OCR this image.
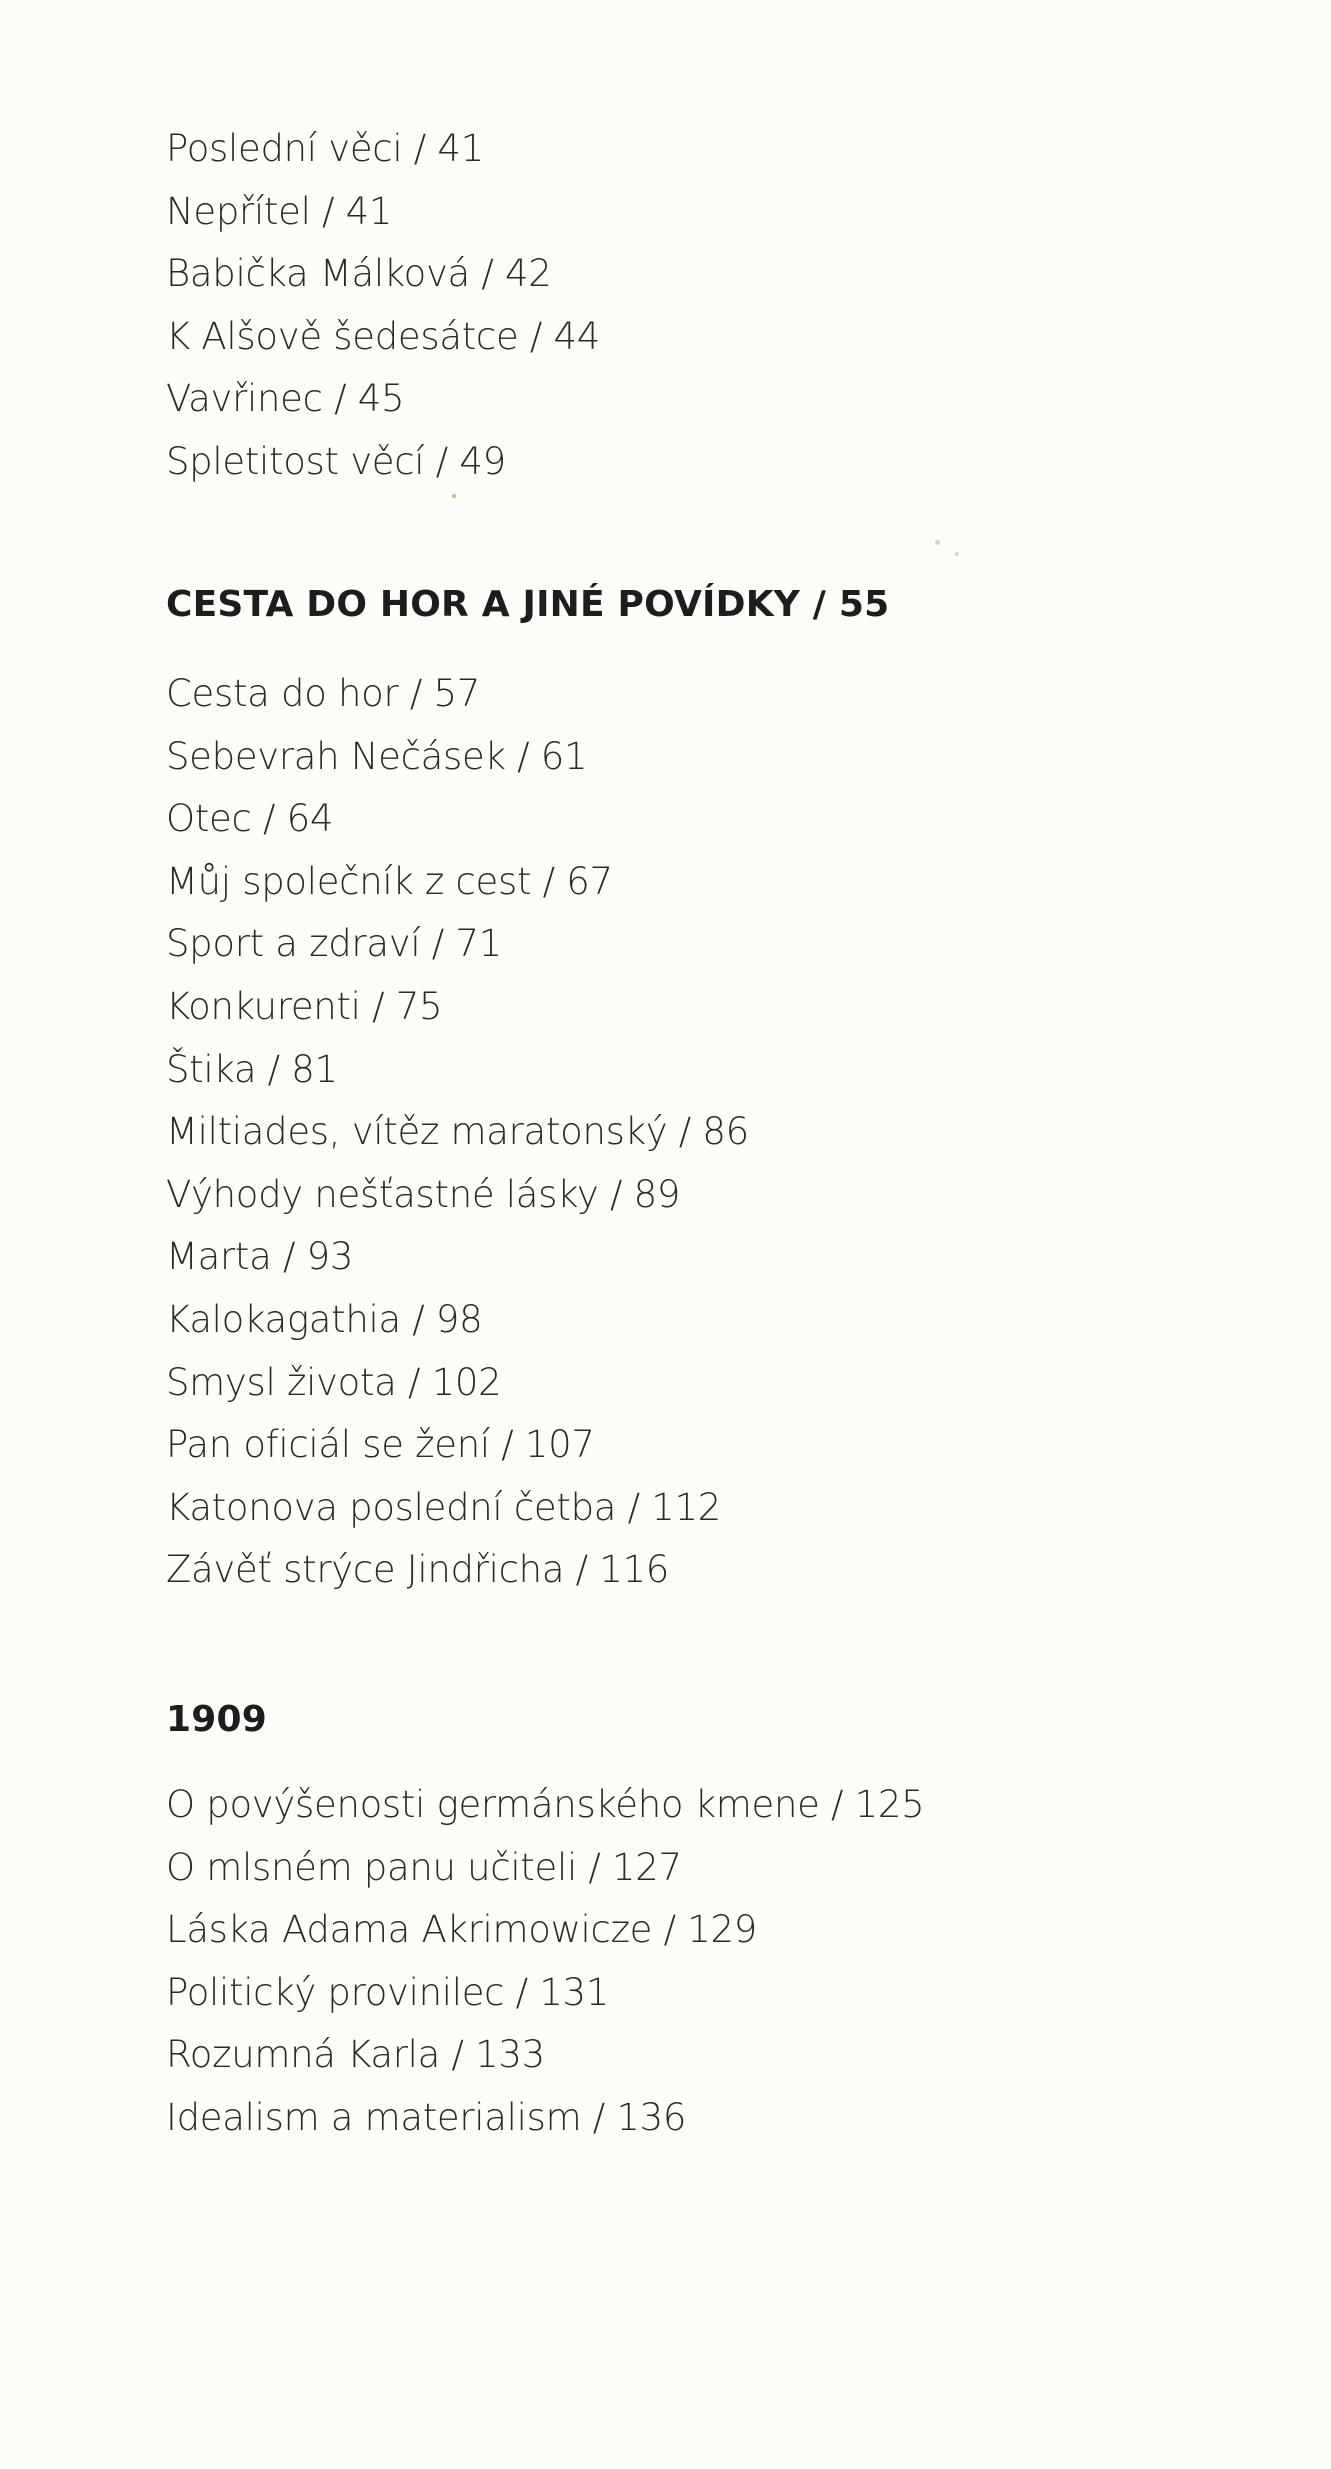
Poslední věci / 41
Nepřítel / 41
Babička Málková / 42
K Alšově šedesátce / 44
Vavřinec / 45
Spletitost věcí / 49
CESTA DO HOR A JINÉ POVÍDKY / 55
Cesta do hor / 57
Sebevrah Nečásek / 61
Otec / 64
Můj společník z cest / 67
Sport a zdraví / 71
Konkurenti / 75
Štika / 81
Miltiades, vítěz maratonský / 86
Výhody nešťastné lásky / 89
Marta / 93
Kalokagathia / 98
Smysl života / 102
Pan oficiál se žení / 107
Katonova poslední četba / 112
Závěť strýce Jindřicha / 116
1909
O povýšenosti germánského kmene / 125
O mlsném panu učiteli / 127
Láska Adama Akrimowicze / 129
Politický provinilec / 131
Rozumná Karla / 133
Idealism a materialism / 136
